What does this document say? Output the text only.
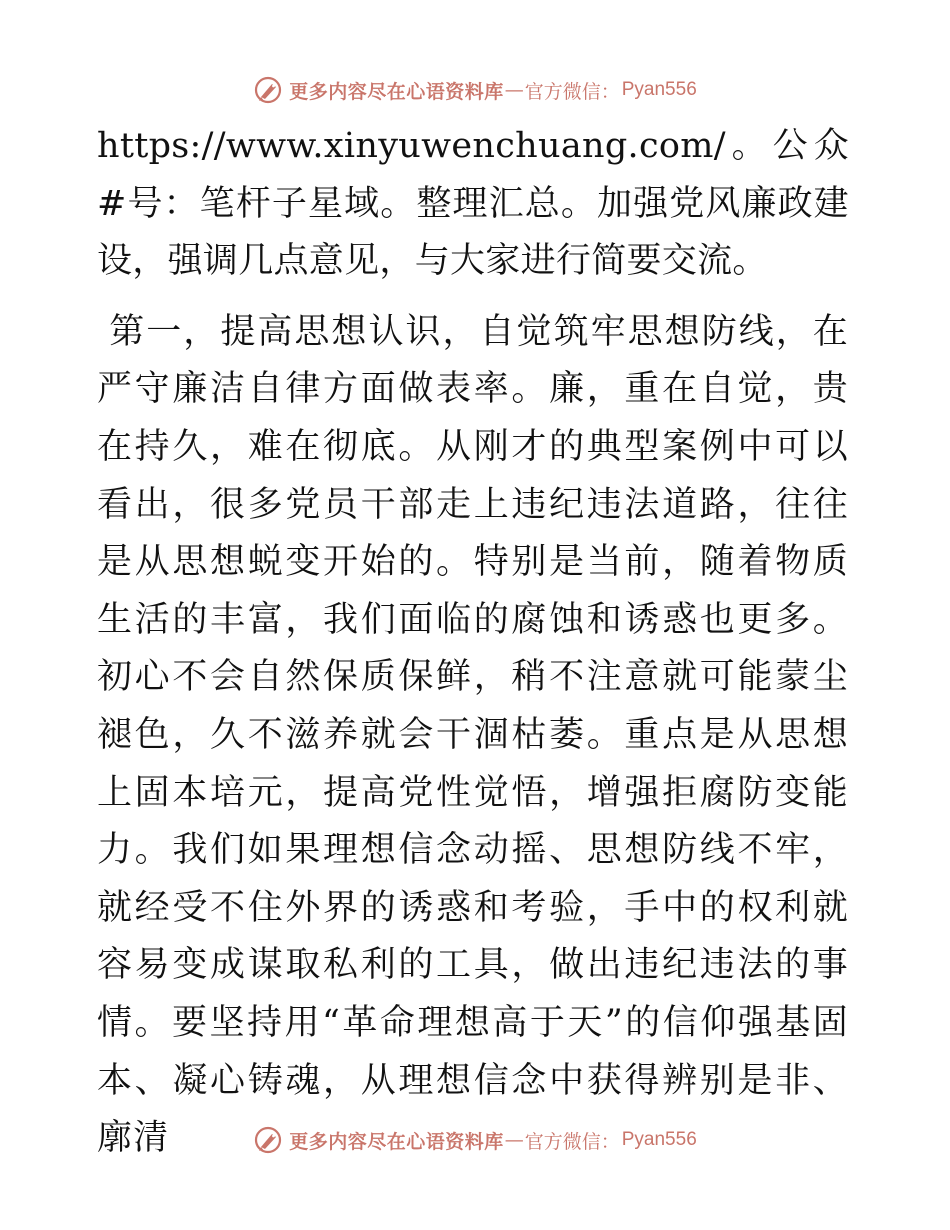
更多内容尽在心语资料库 — 官方微信： Pyan556

https://www.xinyuwenchuang.com/。公众#号：笔杆子星域。整理汇总。加强党风廉政建设，强调几点意见，与大家进行简要交流。

第一，提高思想认识，自觉筑牢思想防线，在严守廉洁自律方面做表率。廉，重在自觉，贵在持久，难在彻底。从刚才的典型案例中可以看出，很多党员干部走上违纪违法道路，往往是从思想蜕变开始的。特别是当前，随着物质生活的丰富，我们面临的腐蚀和诱惑也更多。初心不会自然保质保鲜，稍不注意就可能蒙尘褪色，久不滋养就会干涸枯萎。重点是从思想上固本培元，提高党性觉悟，增强拒腐防变能力。我们如果理想信念动摇、思想防线不牢，就经受不住外界的诱惑和考验，手中的权利就容易变成谋取私利的工具，做出违纪违法的事情。要坚持用“革命理想高于天”的信仰强基固本、凝心铸魂，从理想信念中获得辨别是非、廓清	更多内容尽在心语资料库 — 官方微信： Pyan556
